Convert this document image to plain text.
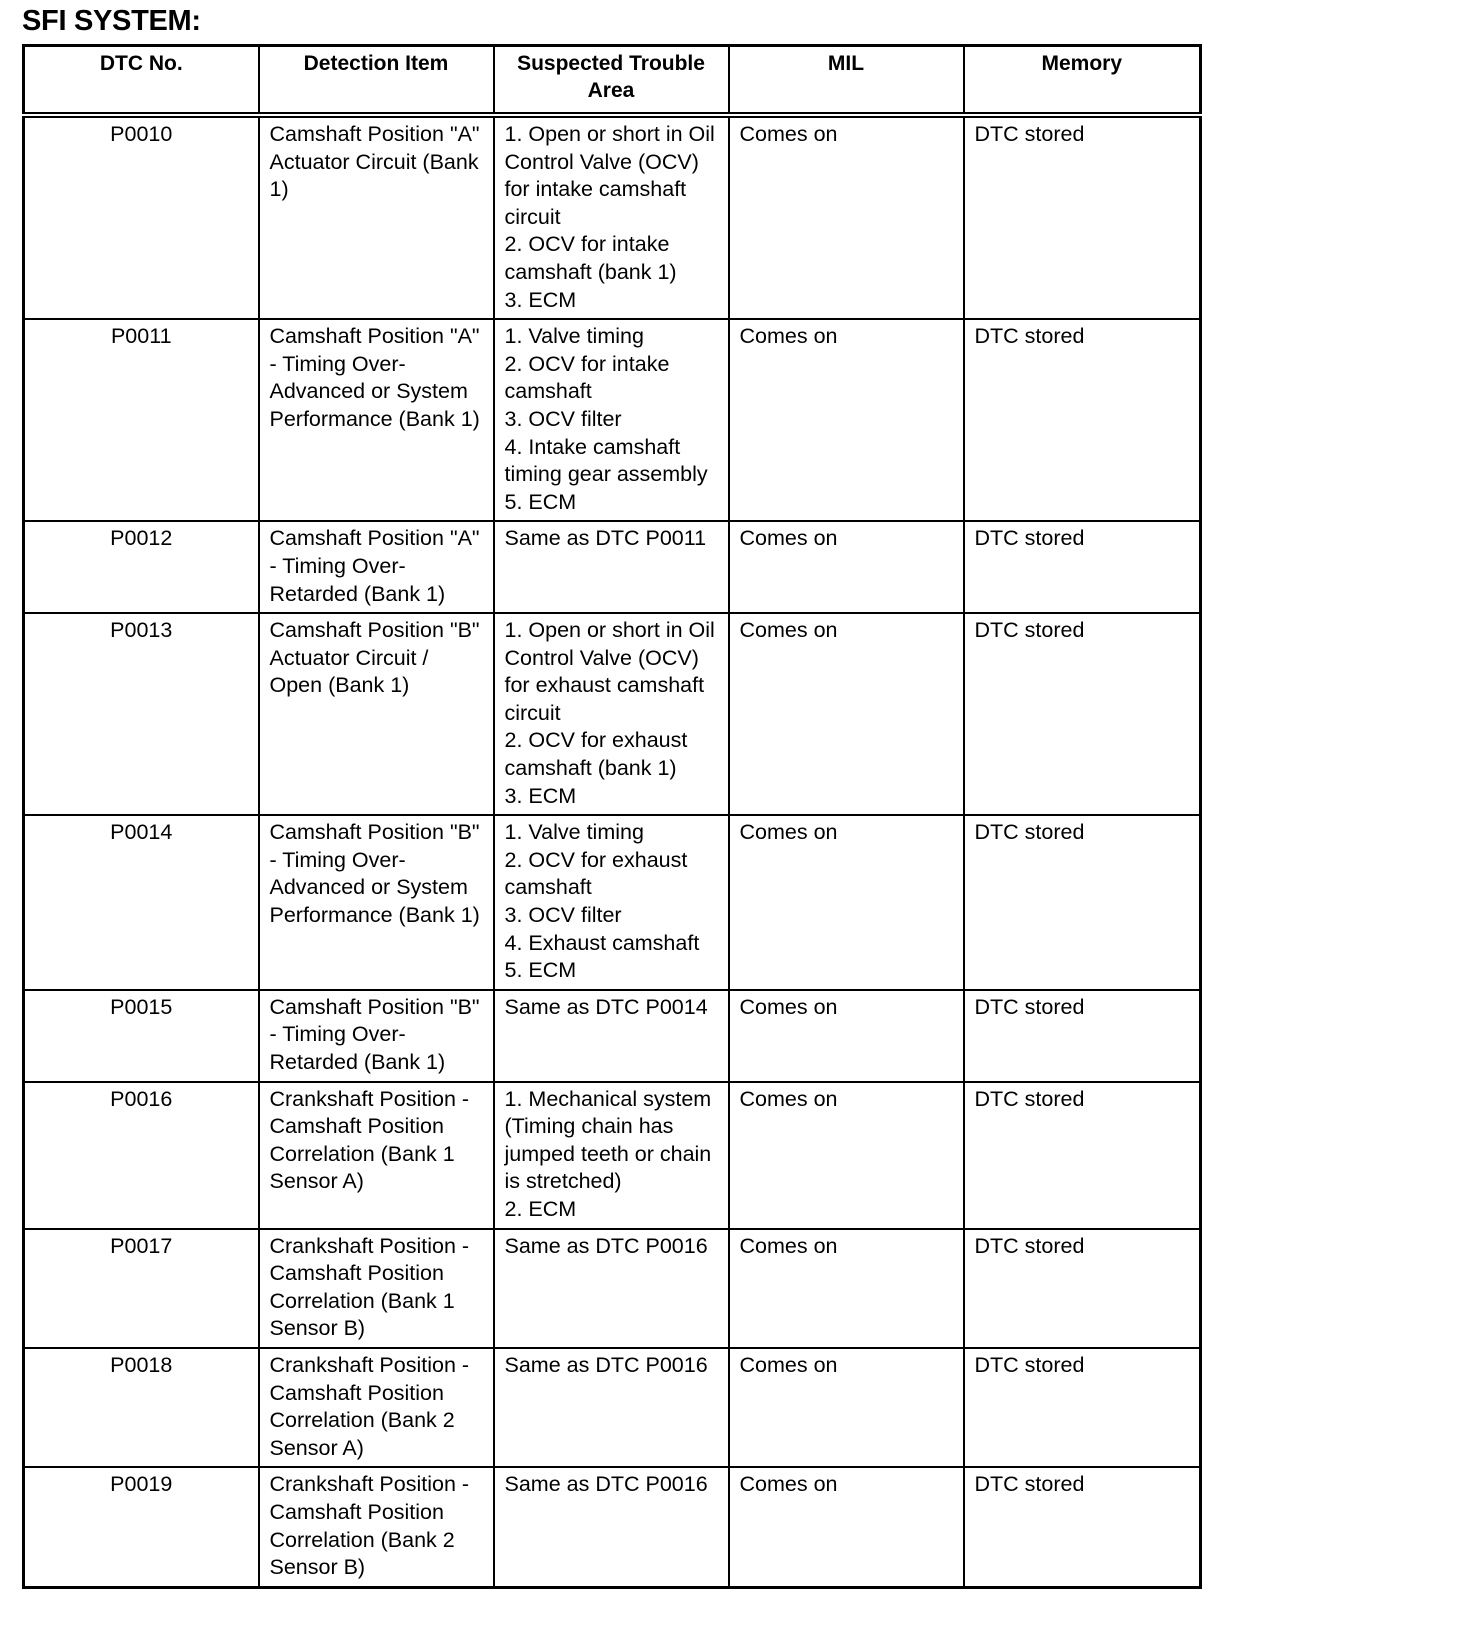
SFI SYSTEM:
DTC No.	Detection Item	Suspected Trouble Area	MIL	Memory
P0010	Camshaft Position "A" Actuator Circuit (Bank 1)	1. Open or short in Oil Control Valve (OCV) for intake camshaft circuit
2. OCV for intake camshaft (bank 1)
3. ECM	Comes on	DTC stored
P0011	Camshaft Position "A" - Timing Over-Advanced or System Performance (Bank 1)	1. Valve timing
2. OCV for intake camshaft
3. OCV filter
4. Intake camshaft timing gear assembly
5. ECM	Comes on	DTC stored
P0012	Camshaft Position "A" - Timing Over-Retarded (Bank 1)	Same as DTC P0011	Comes on	DTC stored
P0013	Camshaft Position "B" Actuator Circuit / Open (Bank 1)	1. Open or short in Oil Control Valve (OCV) for exhaust camshaft circuit
2. OCV for exhaust camshaft (bank 1)
3. ECM	Comes on	DTC stored
P0014	Camshaft Position "B" - Timing Over-Advanced or System Performance (Bank 1)	1. Valve timing
2. OCV for exhaust camshaft
3. OCV filter
4. Exhaust camshaft
5. ECM	Comes on	DTC stored
P0015	Camshaft Position "B" - Timing Over-Retarded (Bank 1)	Same as DTC P0014	Comes on	DTC stored
P0016	Crankshaft Position - Camshaft Position Correlation (Bank 1 Sensor A)	1. Mechanical system (Timing chain has jumped teeth or chain is stretched)
2. ECM	Comes on	DTC stored
P0017	Crankshaft Position - Camshaft Position Correlation (Bank 1 Sensor B)	Same as DTC P0016	Comes on	DTC stored
P0018	Crankshaft Position - Camshaft Position Correlation (Bank 2 Sensor A)	Same as DTC P0016	Comes on	DTC stored
P0019	Crankshaft Position - Camshaft Position Correlation (Bank 2 Sensor B)	Same as DTC P0016	Comes on	DTC stored
